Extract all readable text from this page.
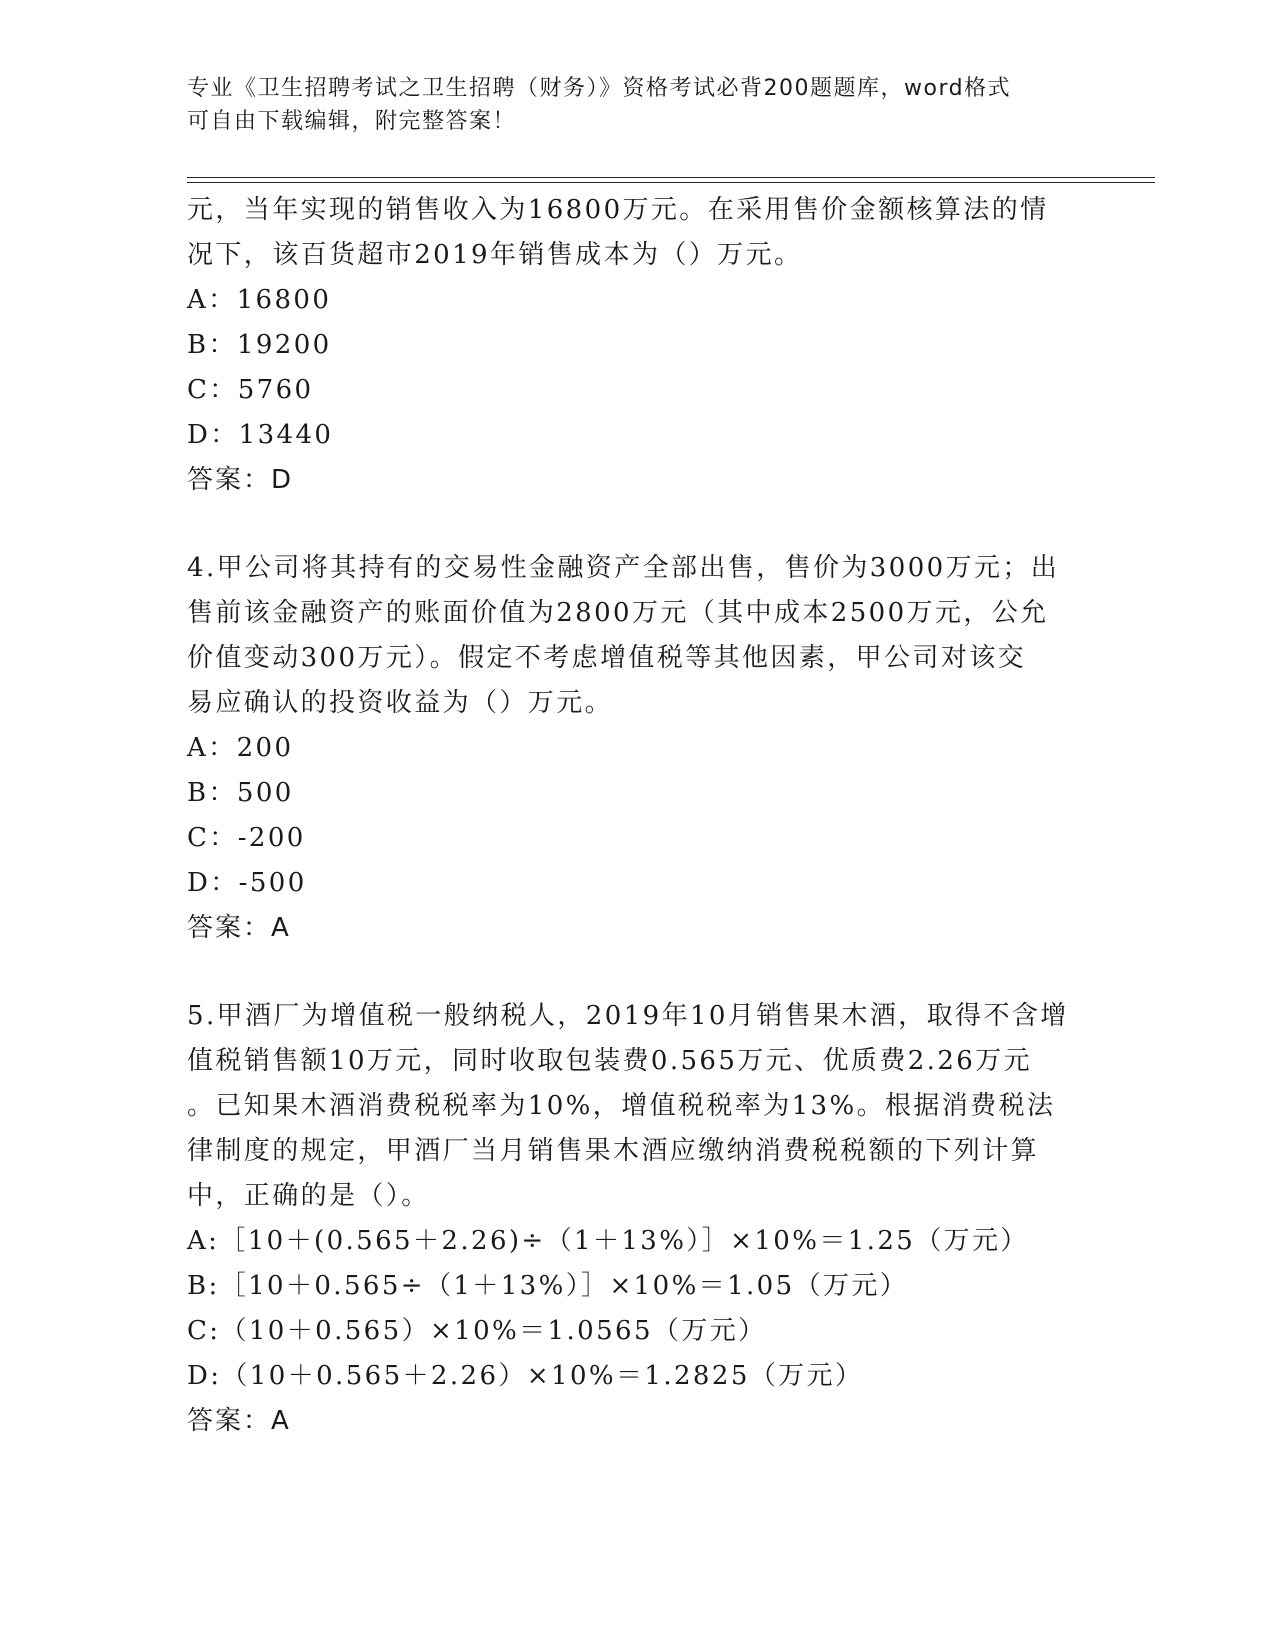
专业《卫生招聘考试之卫生招聘（财务）》资格考试必背200题题库，word格式
可自由下载编辑，附完整答案！
元，当年实现的销售收入为16800万元。在采用售价金额核算法的情
况下，该百货超市2019年销售成本为（）万元。
A：16800
B：19200
C：5760
D：13440
答案：D
4.甲公司将其持有的交易性金融资产全部出售，售价为3000万元；出
售前该金融资产的账面价值为2800万元（其中成本2500万元，公允
价值变动300万元）。假定不考虑增值税等其他因素，甲公司对该交
易应确认的投资收益为（）万元。
A：200
B：500
C：-200
D：-500
答案：A
5.甲酒厂为增值税一般纳税人，2019年10月销售果木酒，取得不含增
值税销售额10万元，同时收取包装费0.565万元、优质费2.26万元
。已知果木酒消费税税率为10%，增值税税率为13%。根据消费税法
律制度的规定，甲酒厂当月销售果木酒应缴纳消费税税额的下列计算
中，正确的是（）。
A:［10＋(0.565＋2.26)÷（1＋13%）］×10%＝1.25（万元）
B:［10＋0.565÷（1＋13%）］×10%＝1.05（万元）
C:（10＋0.565）×10%＝1.0565（万元）
D:（10＋0.565＋2.26）×10%＝1.2825（万元）
答案：A
